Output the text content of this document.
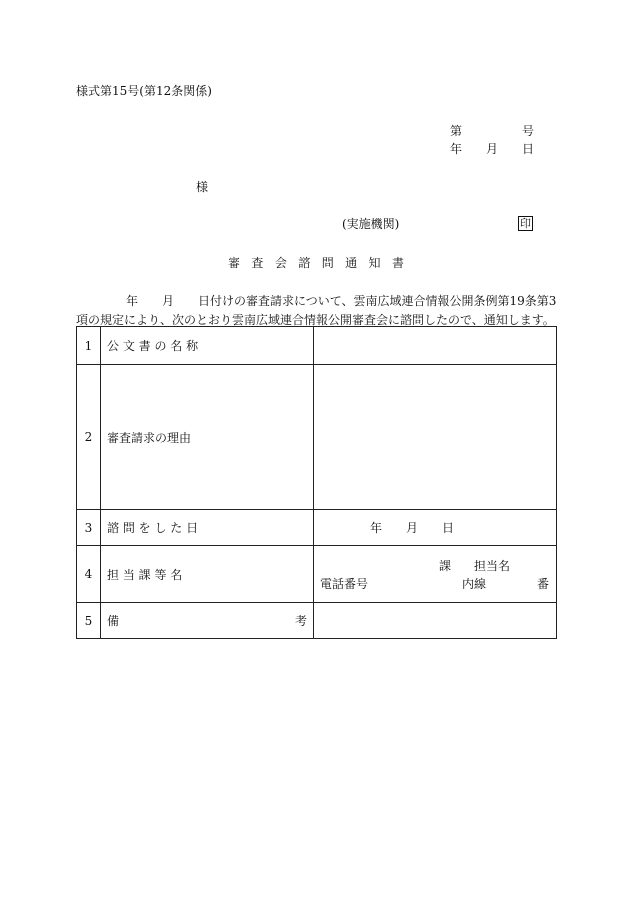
様式第15号(第12条関係)
第	号
年 月 日
様
(実施機関)	印
審 査 会 諮 問 通 知 書
年 月 日付けの審査請求について、雲南広域連合情報公開条例第19条第3
項の規定により、次のとおり雲南広域連合情報公開審査会に諮問したので、通知します。
1	公 文 書 の 名 称	
2	審査請求の理由	
3	諮 問 を し た 日	年 月 日

4	担 当 課 等 名	課 担当名
電話番号 内線 番

5	備 考	
